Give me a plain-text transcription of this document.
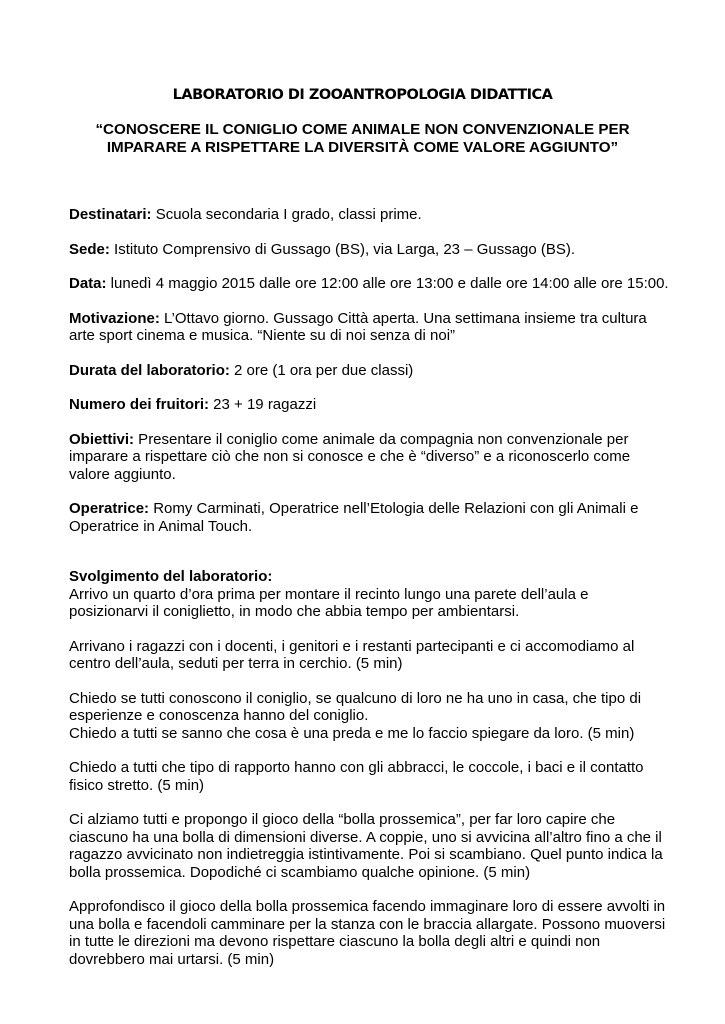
LABORATORIO DI ZOOANTROPOLOGIA DIDATTICA
“CONOSCERE IL CONIGLIO COME ANIMALE NON CONVENZIONALE PER
IMPARARE A RISPETTARE LA DIVERSITÀ COME VALORE AGGIUNTO”

Destinatari: Scuola secondaria I grado, classi prime.

Sede: Istituto Comprensivo di Gussago (BS), via Larga, 23 – Gussago (BS).

Data: lunedì 4 maggio 2015 dalle ore 12:00 alle ore 13:00 e dalle ore 14:00 alle ore 15:00.

Motivazione: L’Ottavo giorno. Gussago Città aperta. Una settimana insieme tra cultura
arte sport cinema e musica. “Niente su di noi senza di noi”

Durata del laboratorio: 2 ore (1 ora per due classi)

Numero dei fruitori: 23 + 19 ragazzi

Obiettivi: Presentare il coniglio come animale da compagnia non convenzionale per
imparare a rispettare ciò che non si conosce e che è “diverso” e a riconoscerlo come
valore aggiunto.

Operatrice: Romy Carminati, Operatrice nell’Etologia delle Relazioni con gli Animali e
Operatrice in Animal Touch.

Svolgimento del laboratorio:
Arrivo un quarto d’ora prima per montare il recinto lungo una parete dell’aula e
posizionarvi il coniglietto, in modo che abbia tempo per ambientarsi.

Arrivano i ragazzi con i docenti, i genitori e i restanti partecipanti e ci accomodiamo al
centro dell’aula, seduti per terra in cerchio. (5 min)

Chiedo se tutti conoscono il coniglio, se qualcuno di loro ne ha uno in casa, che tipo di
esperienze e conoscenza hanno del coniglio.
Chiedo a tutti se sanno che cosa è una preda e me lo faccio spiegare da loro. (5 min)

Chiedo a tutti che tipo di rapporto hanno con gli abbracci, le coccole, i baci e il contatto
fisico stretto. (5 min)

Ci alziamo tutti e propongo il gioco della “bolla prossemica”, per far loro capire che
ciascuno ha una bolla di dimensioni diverse. A coppie, uno si avvicina all’altro fino a che il
ragazzo avvicinato non indietreggia istintivamente. Poi si scambiano. Quel punto indica la
bolla prossemica. Dopodiché ci scambiamo qualche opinione. (5 min)

Approfondisco il gioco della bolla prossemica facendo immaginare loro di essere avvolti in
una bolla e facendoli camminare per la stanza con le braccia allargate. Possono muoversi
in tutte le direzioni ma devono rispettare ciascuno la bolla degli altri e quindi non
dovrebbero mai urtarsi. (5 min)
